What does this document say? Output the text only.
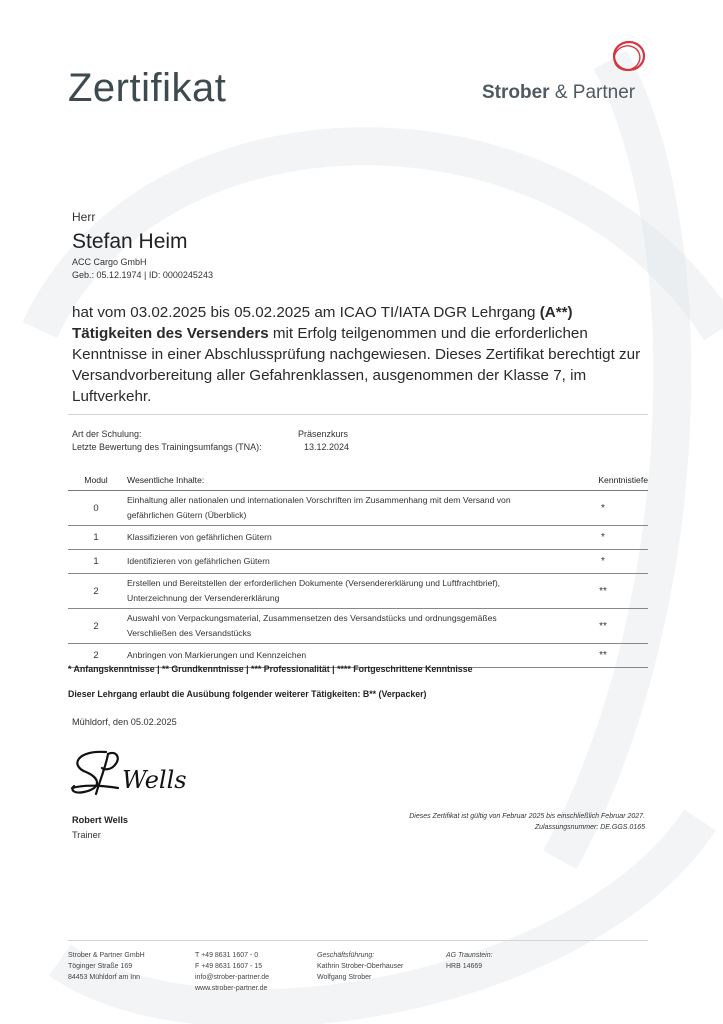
Zertifikat	Strober & Partner
Herr
Stefan Heim
ACC Cargo GmbH
Geb.: 05.12.1974 | ID: 0000245243
hat vom 03.02.2025 bis 05.02.2025 am ICAO TI/IATA DGR Lehrgang (A**)
Tätigkeiten des Versenders mit Erfolg teilgenommen und die erforderlichen Kenntnisse in einer Abschlussprüfung nachgewiesen. Dieses Zertifikat berechtigt zur Versandvorbereitung aller Gefahrenklassen, ausgenommen der Klasse 7, im Luftverkehr.
Art der Schulung:	Präsenzkurs
Letzte Bewertung des Trainingsumfangs (TNA):	13.12.2024
Modul	Wesentliche Inhalte:	Kenntnistiefe
0	Einhaltung aller nationalen und internationalen Vorschriften im Zusammenhang mit dem Versand von gefährlichen Gütern (Überblick)	*
1	Klassifizieren von gefährlichen Gütern	*
1	Identifizieren von gefährlichen Gütern	*
2	Erstellen und Bereitstellen der erforderlichen Dokumente (Versendererklärung und Luftfrachtbrief), Unterzeichnung der Versendererklärung	**
2	Auswahl von Verpackungsmaterial, Zusammensetzen des Versandstücks und ordnungsgemäßes Verschließen des Versandstücks	**
2	Anbringen von Markierungen und Kennzeichen	**
* Anfangskenntnisse | ** Grundkenntnisse | *** Professionalität | **** Fortgeschrittene Kenntnisse
Dieser Lehrgang erlaubt die Ausübung folgender weiterer Tätigkeiten: B** (Verpacker)
Mühldorf, den 05.02.2025
Wells
Robert Wells
Trainer
Dieses Zertifikat ist gültig von Februar 2025 bis einschließlich Februar 2027.
Zulassungsnummer: DE.GGS.0165
Strober & Partner GmbH
Töginger Straße 169
84453 Mühldorf am Inn
T +49 8631 1607 - 0
F +49 8631 1607 - 15
info@strober-partner.de
www.strober-partner.de
Geschäftsführung:
Kathrin Strober-Oberhauser
Wolfgang Strober
AG Traunstein:
HRB 14669
